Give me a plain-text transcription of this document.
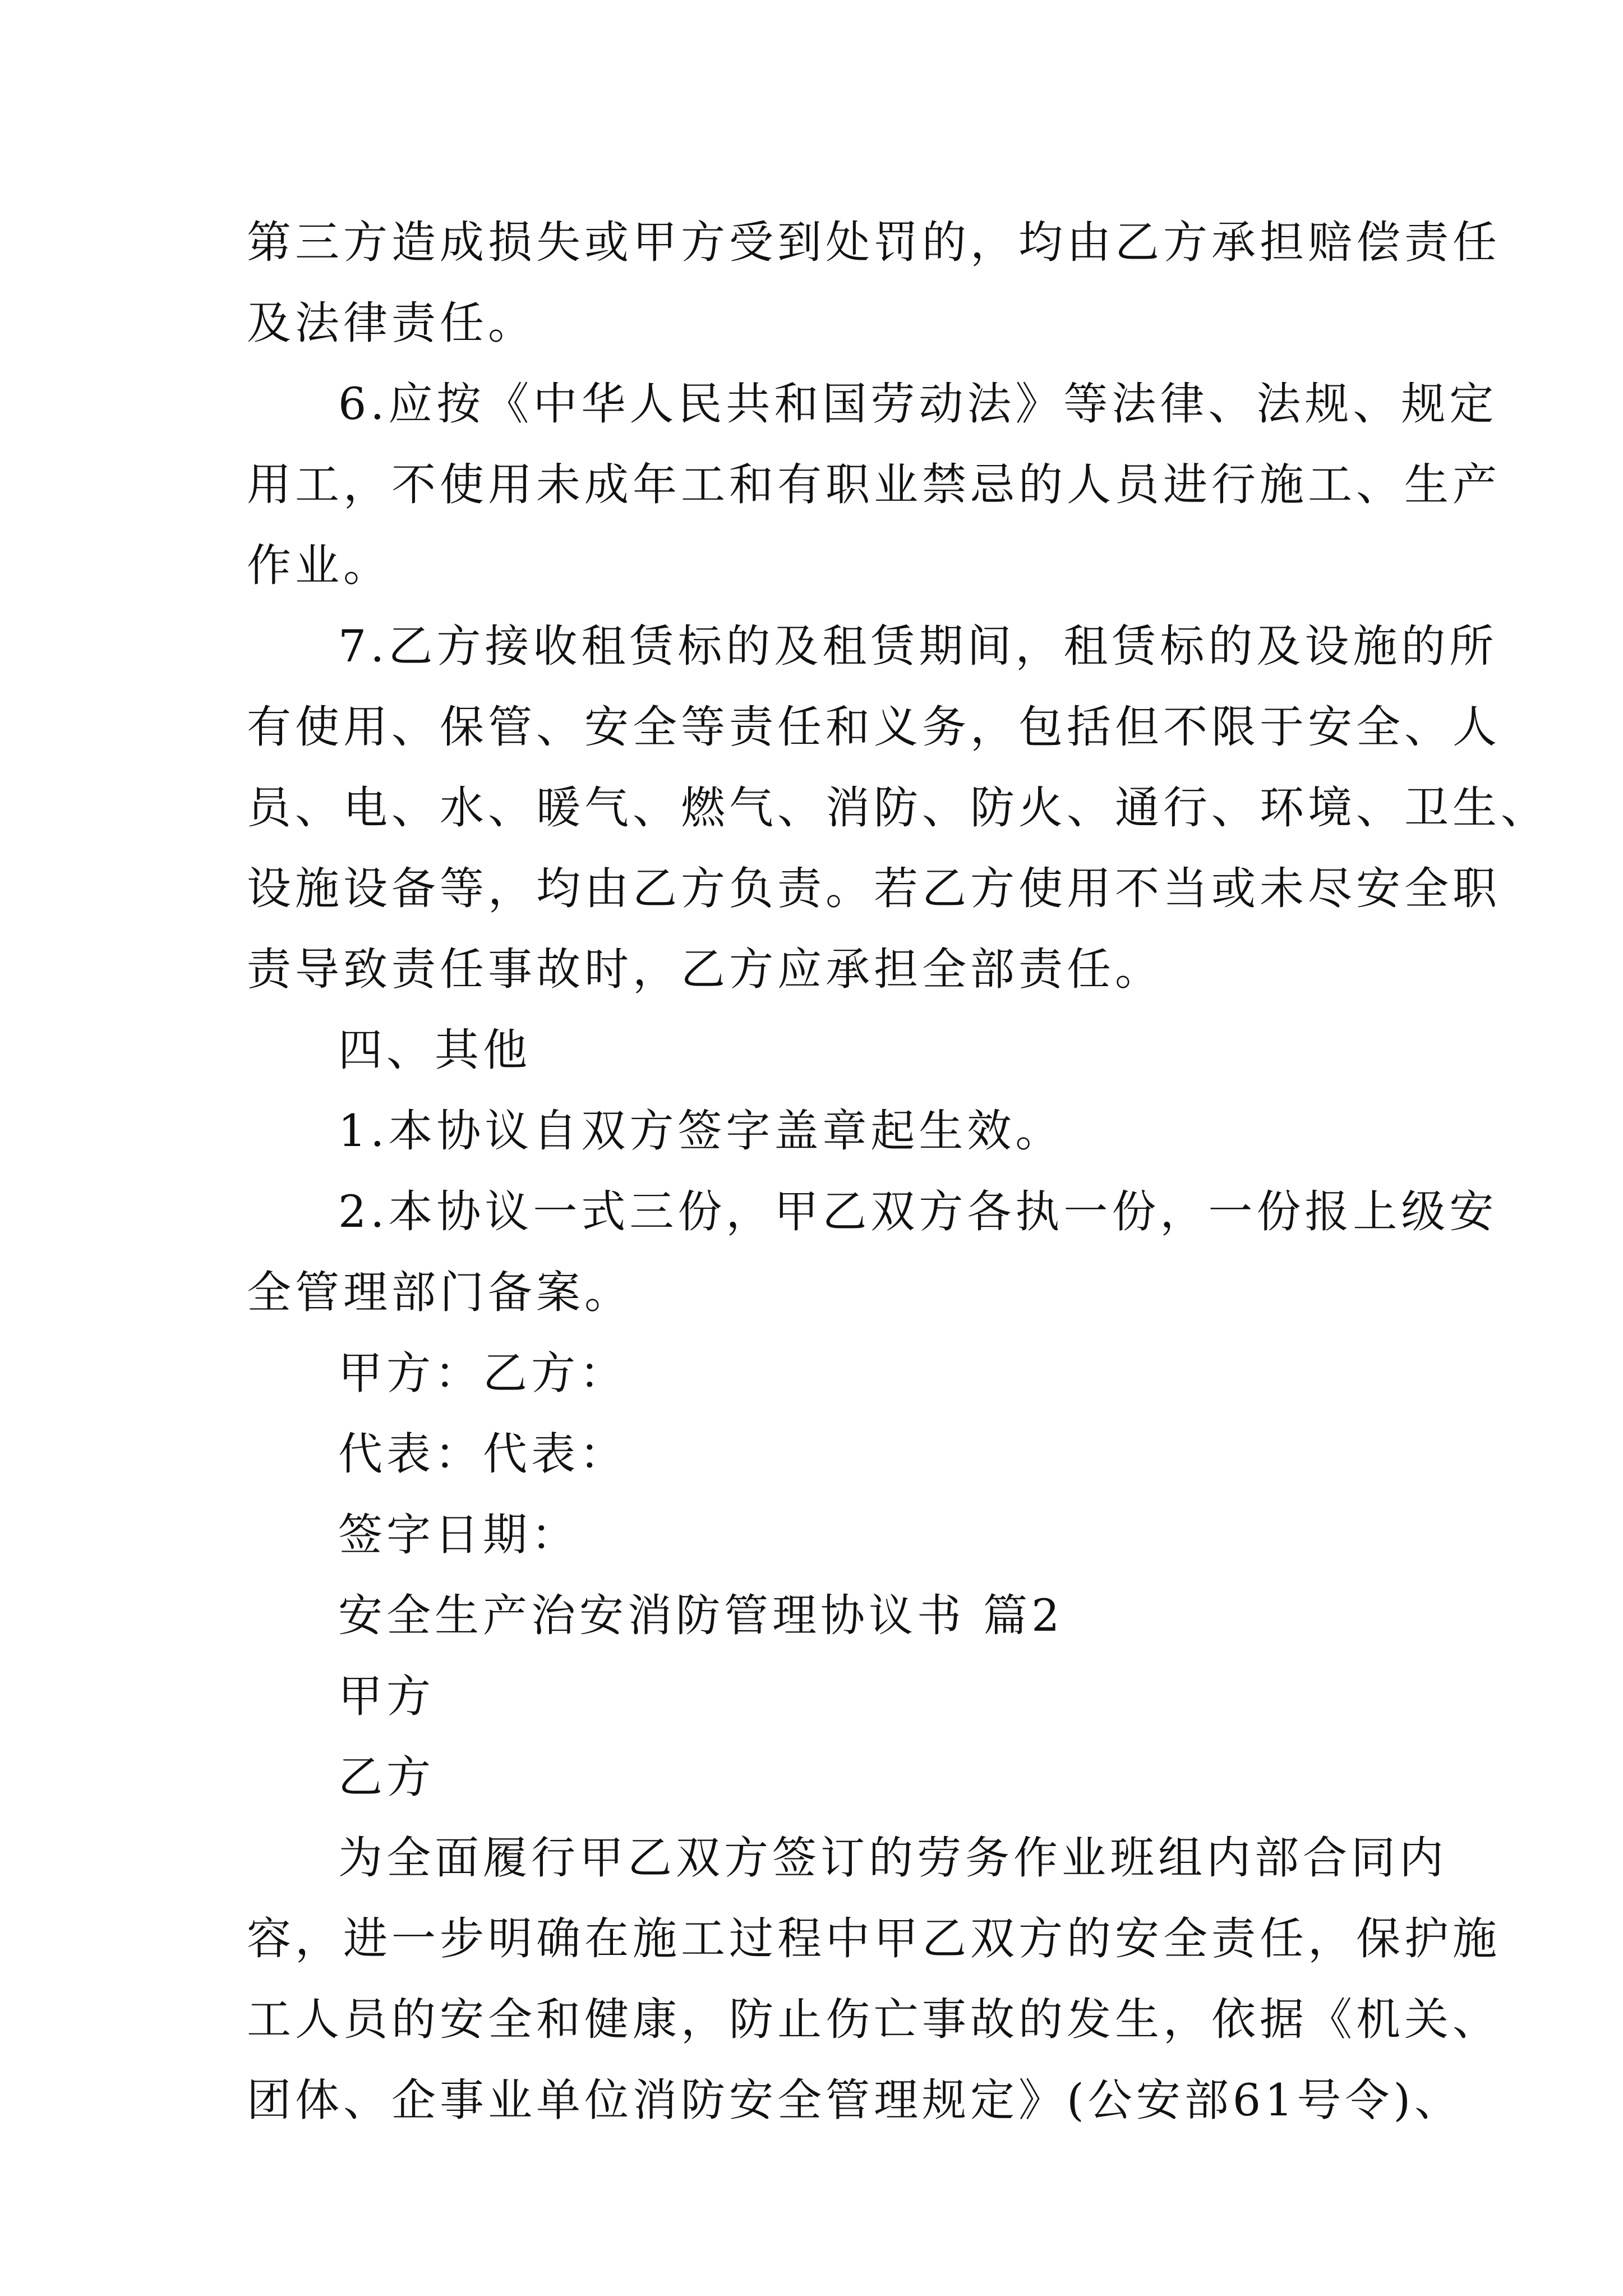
第三方造成损失或甲方受到处罚的，均由乙方承担赔偿责任
及法律责任。
6.应按《中华人民共和国劳动法》等法律、法规、规定
用工，不使用未成年工和有职业禁忌的人员进行施工、生产
作业。
7.乙方接收租赁标的及租赁期间，租赁标的及设施的所
有使用、保管、安全等责任和义务，包括但不限于安全、人
员、电、水、暖气、燃气、消防、防火、通行、环境、卫生、
设施设备等，均由乙方负责。若乙方使用不当或未尽安全职
责导致责任事故时，乙方应承担全部责任。
四、其他
1.本协议自双方签字盖章起生效。
2.本协议一式三份，甲乙双方各执一份，一份报上级安
全管理部门备案。
甲方：乙方：
代表：代表：
签字日期：
安全生产治安消防管理协议书 篇2
甲方
乙方
为全面履行甲乙双方签订的劳务作业班组内部合同内
容，进一步明确在施工过程中甲乙双方的安全责任，保护施
工人员的安全和健康，防止伤亡事故的发生，依据《机关、
团体、企事业单位消防安全管理规定》(公安部61号令)、
